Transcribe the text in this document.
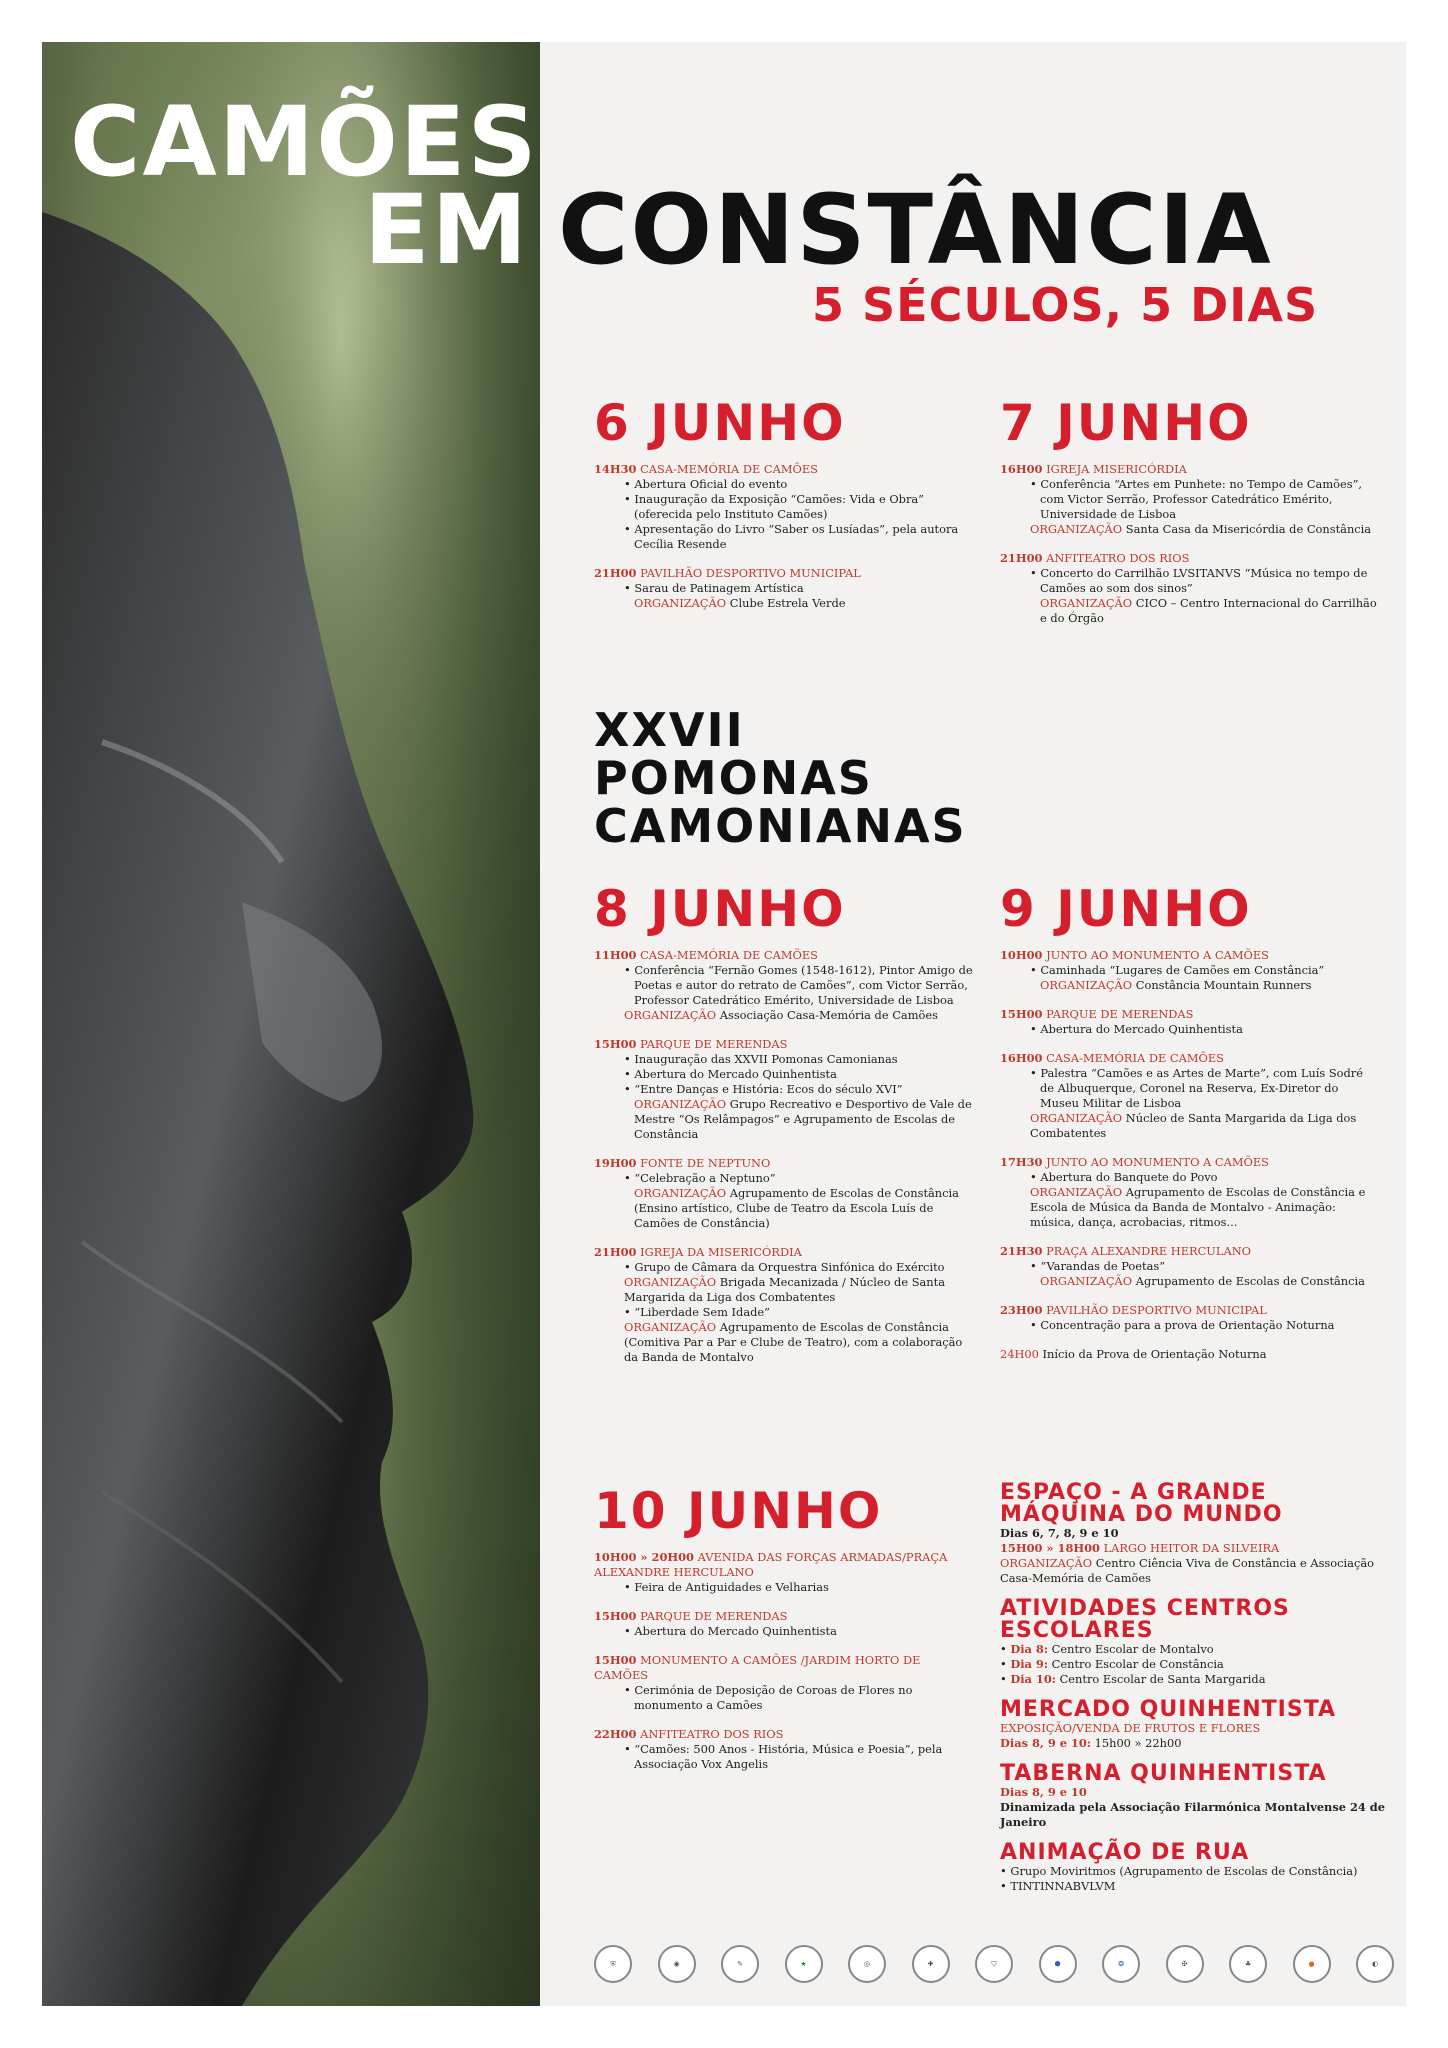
CAMÕES
EM CONSTÂNCIA
5 SÉCULOS, 5 DIAS
6 JUNHO
14H30 CASA-MEMÓRIA DE CAMÕES
• Abertura Oficial do evento
• Inauguração da Exposição “Camões: Vida e Obra” (oferecida pelo Instituto Camões)
• Apresentação do Livro “Saber os Lusíadas”, pela autora Cecília Resende
21H00 PAVILHÃO DESPORTIVO MUNICIPAL
• Sarau de Patinagem Artística
ORGANIZAÇÃO Clube Estrela Verde
7 JUNHO
16H00 IGREJA MISERICÓRDIA
• Conferência “Artes em Punhete: no Tempo de Camões”, com Victor Serrão, Professor Catedrático Emérito, Universidade de Lisboa
ORGANIZAÇÃO Santa Casa da Misericórdia de Constância
21H00 ANFITEATRO DOS RIOS
• Concerto do Carrilhão LVSITANVS “Música no tempo de Camões ao som dos sinos”
ORGANIZAÇÃO CICO – Centro Internacional do Carrilhão e do Órgão
XXVII
POMONAS
CAMONIANAS
8 JUNHO
11H00 CASA-MEMÓRIA DE CAMÕES
• Conferência “Fernão Gomes (1548-1612), Pintor Amigo de Poetas e autor do retrato de Camões”, com Victor Serrão, Professor Catedrático Emérito, Universidade de Lisboa
ORGANIZAÇÃO Associação Casa-Memória de Camões
15H00 PARQUE DE MERENDAS
• Inauguração das XXVII Pomonas Camonianas
• Abertura do Mercado Quinhentista
• “Entre Danças e História: Ecos do século XVI”
ORGANIZAÇÃO Grupo Recreativo e Desportivo de Vale de Mestre “Os Relâmpagos” e Agrupamento de Escolas de Constância
19H00 FONTE DE NEPTUNO
• “Celebração a Neptuno”
ORGANIZAÇÃO Agrupamento de Escolas de Constância (Ensino artístico, Clube de Teatro da Escola Luís de Camões de Constância)
21H00 IGREJA DA MISERICÓRDIA
• Grupo de Câmara da Orquestra Sinfónica do Exército
ORGANIZAÇÃO Brigada Mecanizada / Núcleo de Santa Margarida da Liga dos Combatentes
• “Liberdade Sem Idade”
ORGANIZAÇÃO Agrupamento de Escolas de Constância (Comitiva Par a Par e Clube de Teatro), com a colaboração da Banda de Montalvo
9 JUNHO
10H00 JUNTO AO MONUMENTO A CAMÕES
• Caminhada “Lugares de Camões em Constância”
ORGANIZAÇÃO Constância Mountain Runners
15H00 PARQUE DE MERENDAS
• Abertura do Mercado Quinhentista
16H00 CASA-MEMÓRIA DE CAMÕES
• Palestra “Camões e as Artes de Marte”, com Luís Sodré de Albuquerque, Coronel na Reserva, Ex-Diretor do Museu Militar de Lisboa
ORGANIZAÇÃO Núcleo de Santa Margarida da Liga dos Combatentes
17H30 JUNTO AO MONUMENTO A CAMÕES
• Abertura do Banquete do Povo
ORGANIZAÇÃO Agrupamento de Escolas de Constância e Escola de Música da Banda de Montalvo - Animação: música, dança, acrobacias, ritmos...
21H30 PRAÇA ALEXANDRE HERCULANO
• “Varandas de Poetas”
ORGANIZAÇÃO Agrupamento de Escolas de Constância
23H00 PAVILHÃO DESPORTIVO MUNICIPAL
• Concentração para a prova de Orientação Noturna
24H00 Início da Prova de Orientação Noturna
10 JUNHO
10H00 » 20H00 AVENIDA DAS FORÇAS ARMADAS/PRAÇA ALEXANDRE HERCULANO
• Feira de Antiguidades e Velharias
15H00 PARQUE DE MERENDAS
• Abertura do Mercado Quinhentista
15H00 MONUMENTO A CAMÕES /JARDIM HORTO DE CAMÕES
• Cerimónia de Deposição de Coroas de Flores no monumento a Camões
22H00 ANFITEATRO DOS RIOS
• “Camões: 500 Anos - História, Música e Poesia”, pela Associação Vox Angelis
ESPAÇO - A GRANDE
MÁQUINA DO MUNDO
Dias 6, 7, 8, 9 e 10
15H00 » 18H00 LARGO HEITOR DA SILVEIRA
ORGANIZAÇÃO Centro Ciência Viva de Constância e Associação Casa-Memória de Camões
ATIVIDADES CENTROS
ESCOLARES
• Dia 8: Centro Escolar de Montalvo
• Dia 9: Centro Escolar de Constância
• Dia 10: Centro Escolar de Santa Margarida
MERCADO QUINHENTISTA
EXPOSIÇÃO/VENDA DE FRUTOS E FLORES
Dias 8, 9 e 10: 15h00 » 22h00
TABERNA QUINHENTISTA
Dias 8, 9 e 10
Dinamizada pela Associação Filarmónica Montalvense 24 de Janeiro
ANIMAÇÃO DE RUA
• Grupo Moviritmos (Agrupamento de Escolas de Constância)
• TINTINNABVLVM
⛨	◉	✎	★	◎	✚	⛉	⬢	❂	✠	♣	●	◐
